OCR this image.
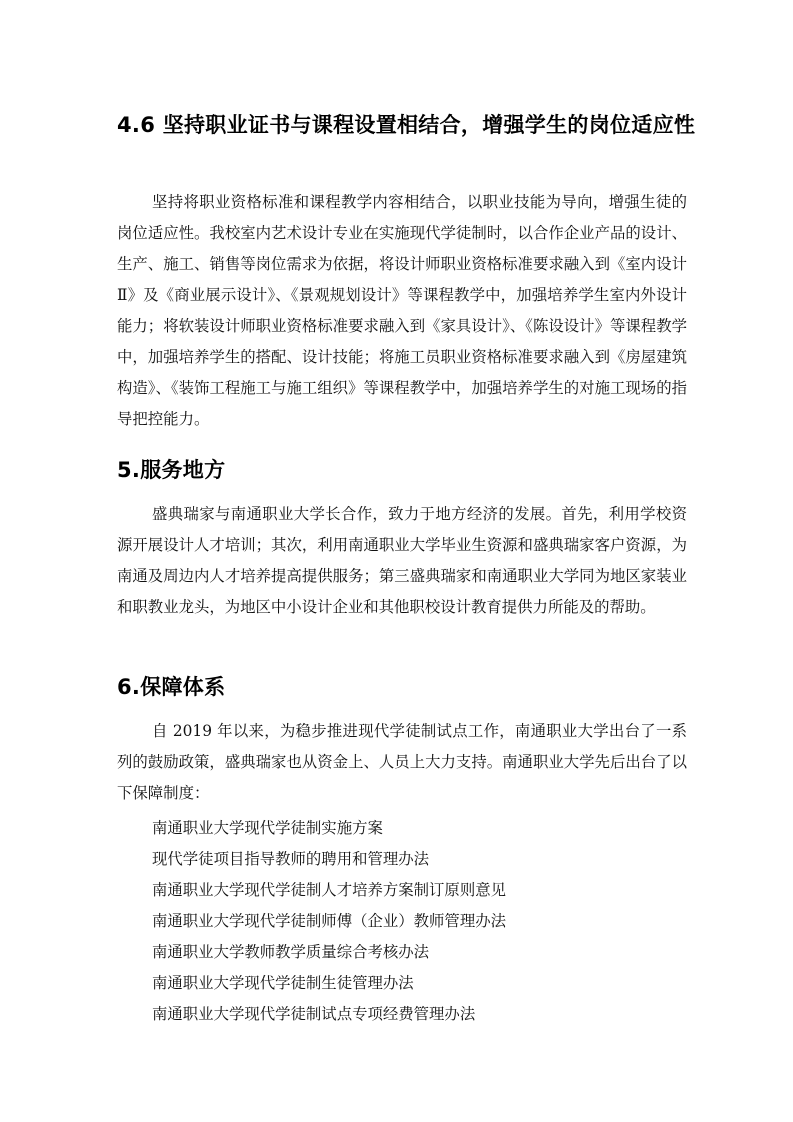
4.6 坚持职业证书与课程设置相结合，增强学生的岗位适应性

坚持将职业资格标准和课程教学内容相结合，以职业技能为导向，增强生徒的岗位适应性。我校室内艺术设计专业在实施现代学徒制时，以合作企业产品的设计、生产、施工、销售等岗位需求为依据，将设计师职业资格标准要求融入到《室内设计Ⅱ》及《商业展示设计》、《景观规划设计》等课程教学中，加强培养学生室内外设计能力；将软装设计师职业资格标准要求融入到《家具设计》、《陈设设计》等课程教学中，加强培养学生的搭配、设计技能；将施工员职业资格标准要求融入到《房屋建筑构造》、《装饰工程施工与施工组织》等课程教学中，加强培养学生的对施工现场的指导把控能力。

5.服务地方

盛典瑞家与南通职业大学长合作，致力于地方经济的发展。首先，利用学校资源开展设计人才培训；其次，利用南通职业大学毕业生资源和盛典瑞家客户资源，为南通及周边内人才培养提高提供服务；第三盛典瑞家和南通职业大学同为地区家装业和职教业龙头，为地区中小设计企业和其他职校设计教育提供力所能及的帮助。

6.保障体系

自 2019 年以来，为稳步推进现代学徒制试点工作，南通职业大学出台了一系列的鼓励政策，盛典瑞家也从资金上、人员上大力支持。南通职业大学先后出台了以下保障制度：

南通职业大学现代学徒制实施方案
现代学徒项目指导教师的聘用和管理办法
南通职业大学现代学徒制人才培养方案制订原则意见
南通职业大学现代学徒制师傅（企业）教师管理办法
南通职业大学教师教学质量综合考核办法
南通职业大学现代学徒制生徒管理办法
南通职业大学现代学徒制试点专项经费管理办法
